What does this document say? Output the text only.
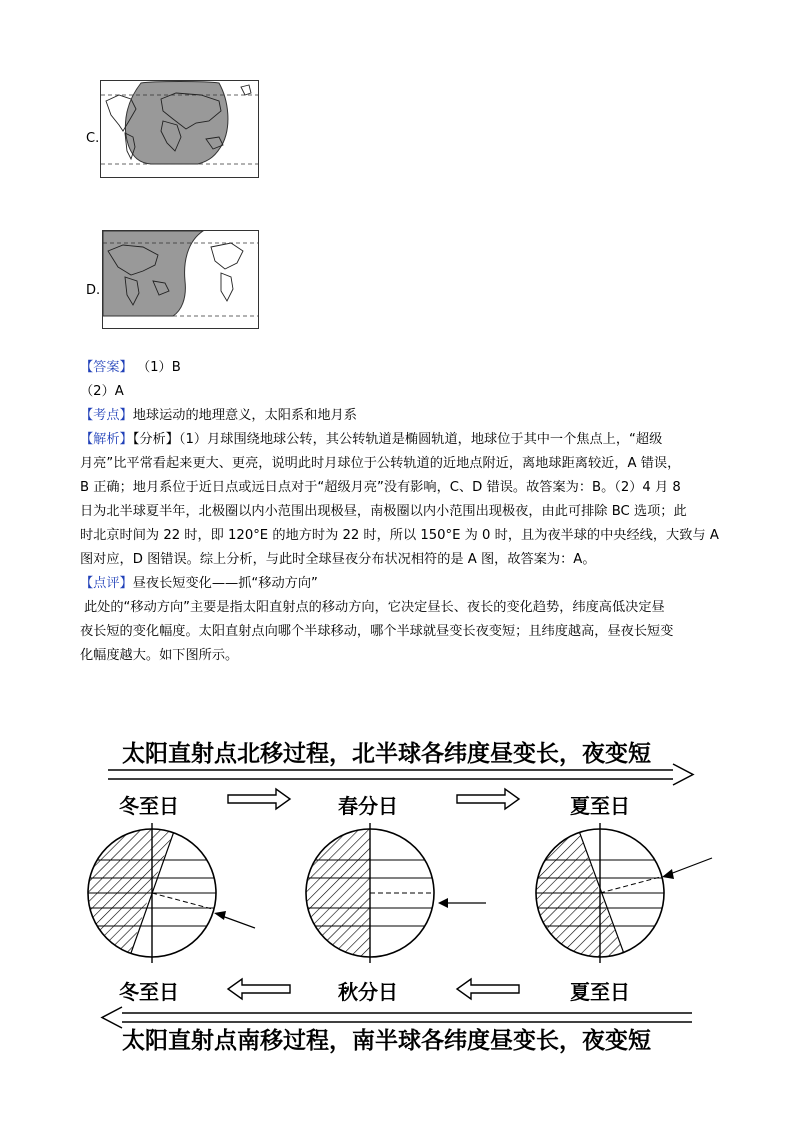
C.
D.
【答案】 （1）B
（2）A
【考点】地球运动的地理意义，太阳系和地月系
【解析】【分析】（1）月球围绕地球公转，其公转轨道是椭圆轨道，地球位于其中一个焦点上，“超级
月亮”比平常看起来更大、更亮，说明此时月球位于公转轨道的近地点附近，离地球距离较近，A 错误，
B 正确；地月系位于近日点或远日点对于“超级月亮”没有影响，C、D 错误。故答案为：B。（2）4 月 8
日为北半球夏半年，北极圈以内小范围出现极昼，南极圈以内小范围出现极夜，由此可排除 BC 选项；此
时北京时间为 22 时，即 120°E 的地方时为 22 时，所以 150°E 为 0 时，且为夜半球的中央经线，大致与 A
图对应，D 图错误。综上分析，与此时全球昼夜分布状况相符的是 A 图，故答案为：A。
【点评】昼夜长短变化——抓“移动方向”
此处的“移动方向”主要是指太阳直射点的移动方向，它决定昼长、夜长的变化趋势，纬度高低决定昼
夜长短的变化幅度。太阳直射点向哪个半球移动，哪个半球就昼变长夜变短；且纬度越高，昼夜长短变
化幅度越大。如下图所示。
太阳直射点北移过程，北半球各纬度昼变长，夜变短
冬至日	春分日	夏至日
冬至日	秋分日	夏至日
太阳直射点南移过程，南半球各纬度昼变长，夜变短
